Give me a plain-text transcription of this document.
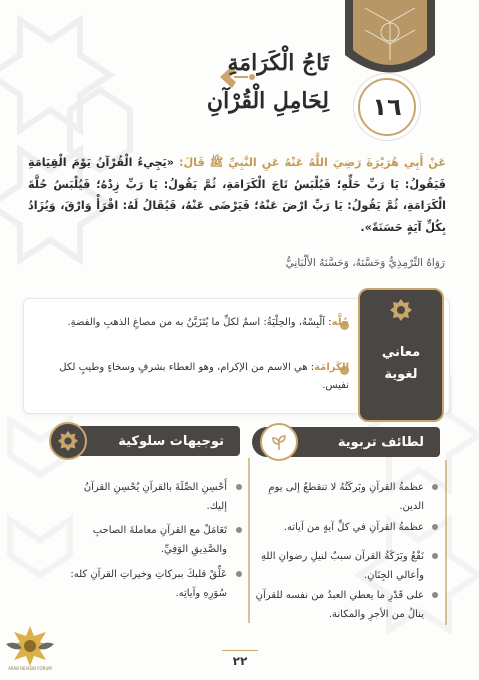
١٦
تَاجُ الْكَرَامَةِ
لِحَامِلِ الْقُرْآنِ
عَنْ أَبِي هُرَيْرَةَ رَضِيَ اللَّهُ عَنْهُ عَنِ النَّبِيِّ ﷺ قَالَ: «يَجِيءُ الْقُرْآنُ يَوْمَ الْقِيَامَةِ فَيَقُولُ: يَا رَبِّ حَلِّهِ؛ فَيُلْبَسُ تَاجَ الْكَرَامَةِ، ثُمَّ يَقُولُ: يَا رَبِّ زِدْهُ؛ فَيُلْبَسُ حُلَّةَ الْكَرَامَةِ، ثُمَّ يَقُولُ: يَا رَبِّ ارْضَ عَنْهُ؛ فَيَرْضَى عَنْهُ، فَيُقَالُ لَهُ: اقْرَأْ وَارْقَ، وَيُزَادُ بِكُلِّ آيَةٍ حَسَنَةً».
رَوَاهُ التِّرْمِذِيُّ وَحَسَّنَهُ، وَحَسَّنَهُ الأَلْبَانِيُّ
معاني
لغوية
حُلَّه: اَلْبِسْهُ، والحِلْيَةُ: اسمٌ لكلِّ ما يُتَزَيَّنُ به من مصاغِ الذهبِ والفضةِ.
الكَرامَة: هي الاسم من الإكرام، وهو العطاء بشرفٍ وسخاءٍ وطيبٍ لكل نفيس.
لطائف تربوية
توجيهات سلوكية
عظمةُ القرآنِ وبَركَتُهُ لا تنقطعُ إلى يومِ الدين.
عظمةُ القرآنِ في كلِّ آيةٍ من آياته.
نَفْعُ وبَرَكَةُ القرآن سببٌ لنيلِ رضوانِ اللهِ وأعالي الجِنَانِ.
على قَدْرِ ما يعطي العبدُ من نفسه للقرآنِ ينالُ من الأجرِ والمكانة.
أَحْسِنِ الصِّلَةَ بالقرآنِ يُحْسِنِ القرآنُ إليك.
تَعَامَلْ مع القرآنِ معاملةَ الصاحبِ والصَّدِيقِ الوَفِيِّ.
عَلِّقْ قلبكَ ببركاتِ وخيراتِ القرآنِ كله: سُوَرِهِ وآياتِه.
٢٢
ARAB REVIEW FORUM
